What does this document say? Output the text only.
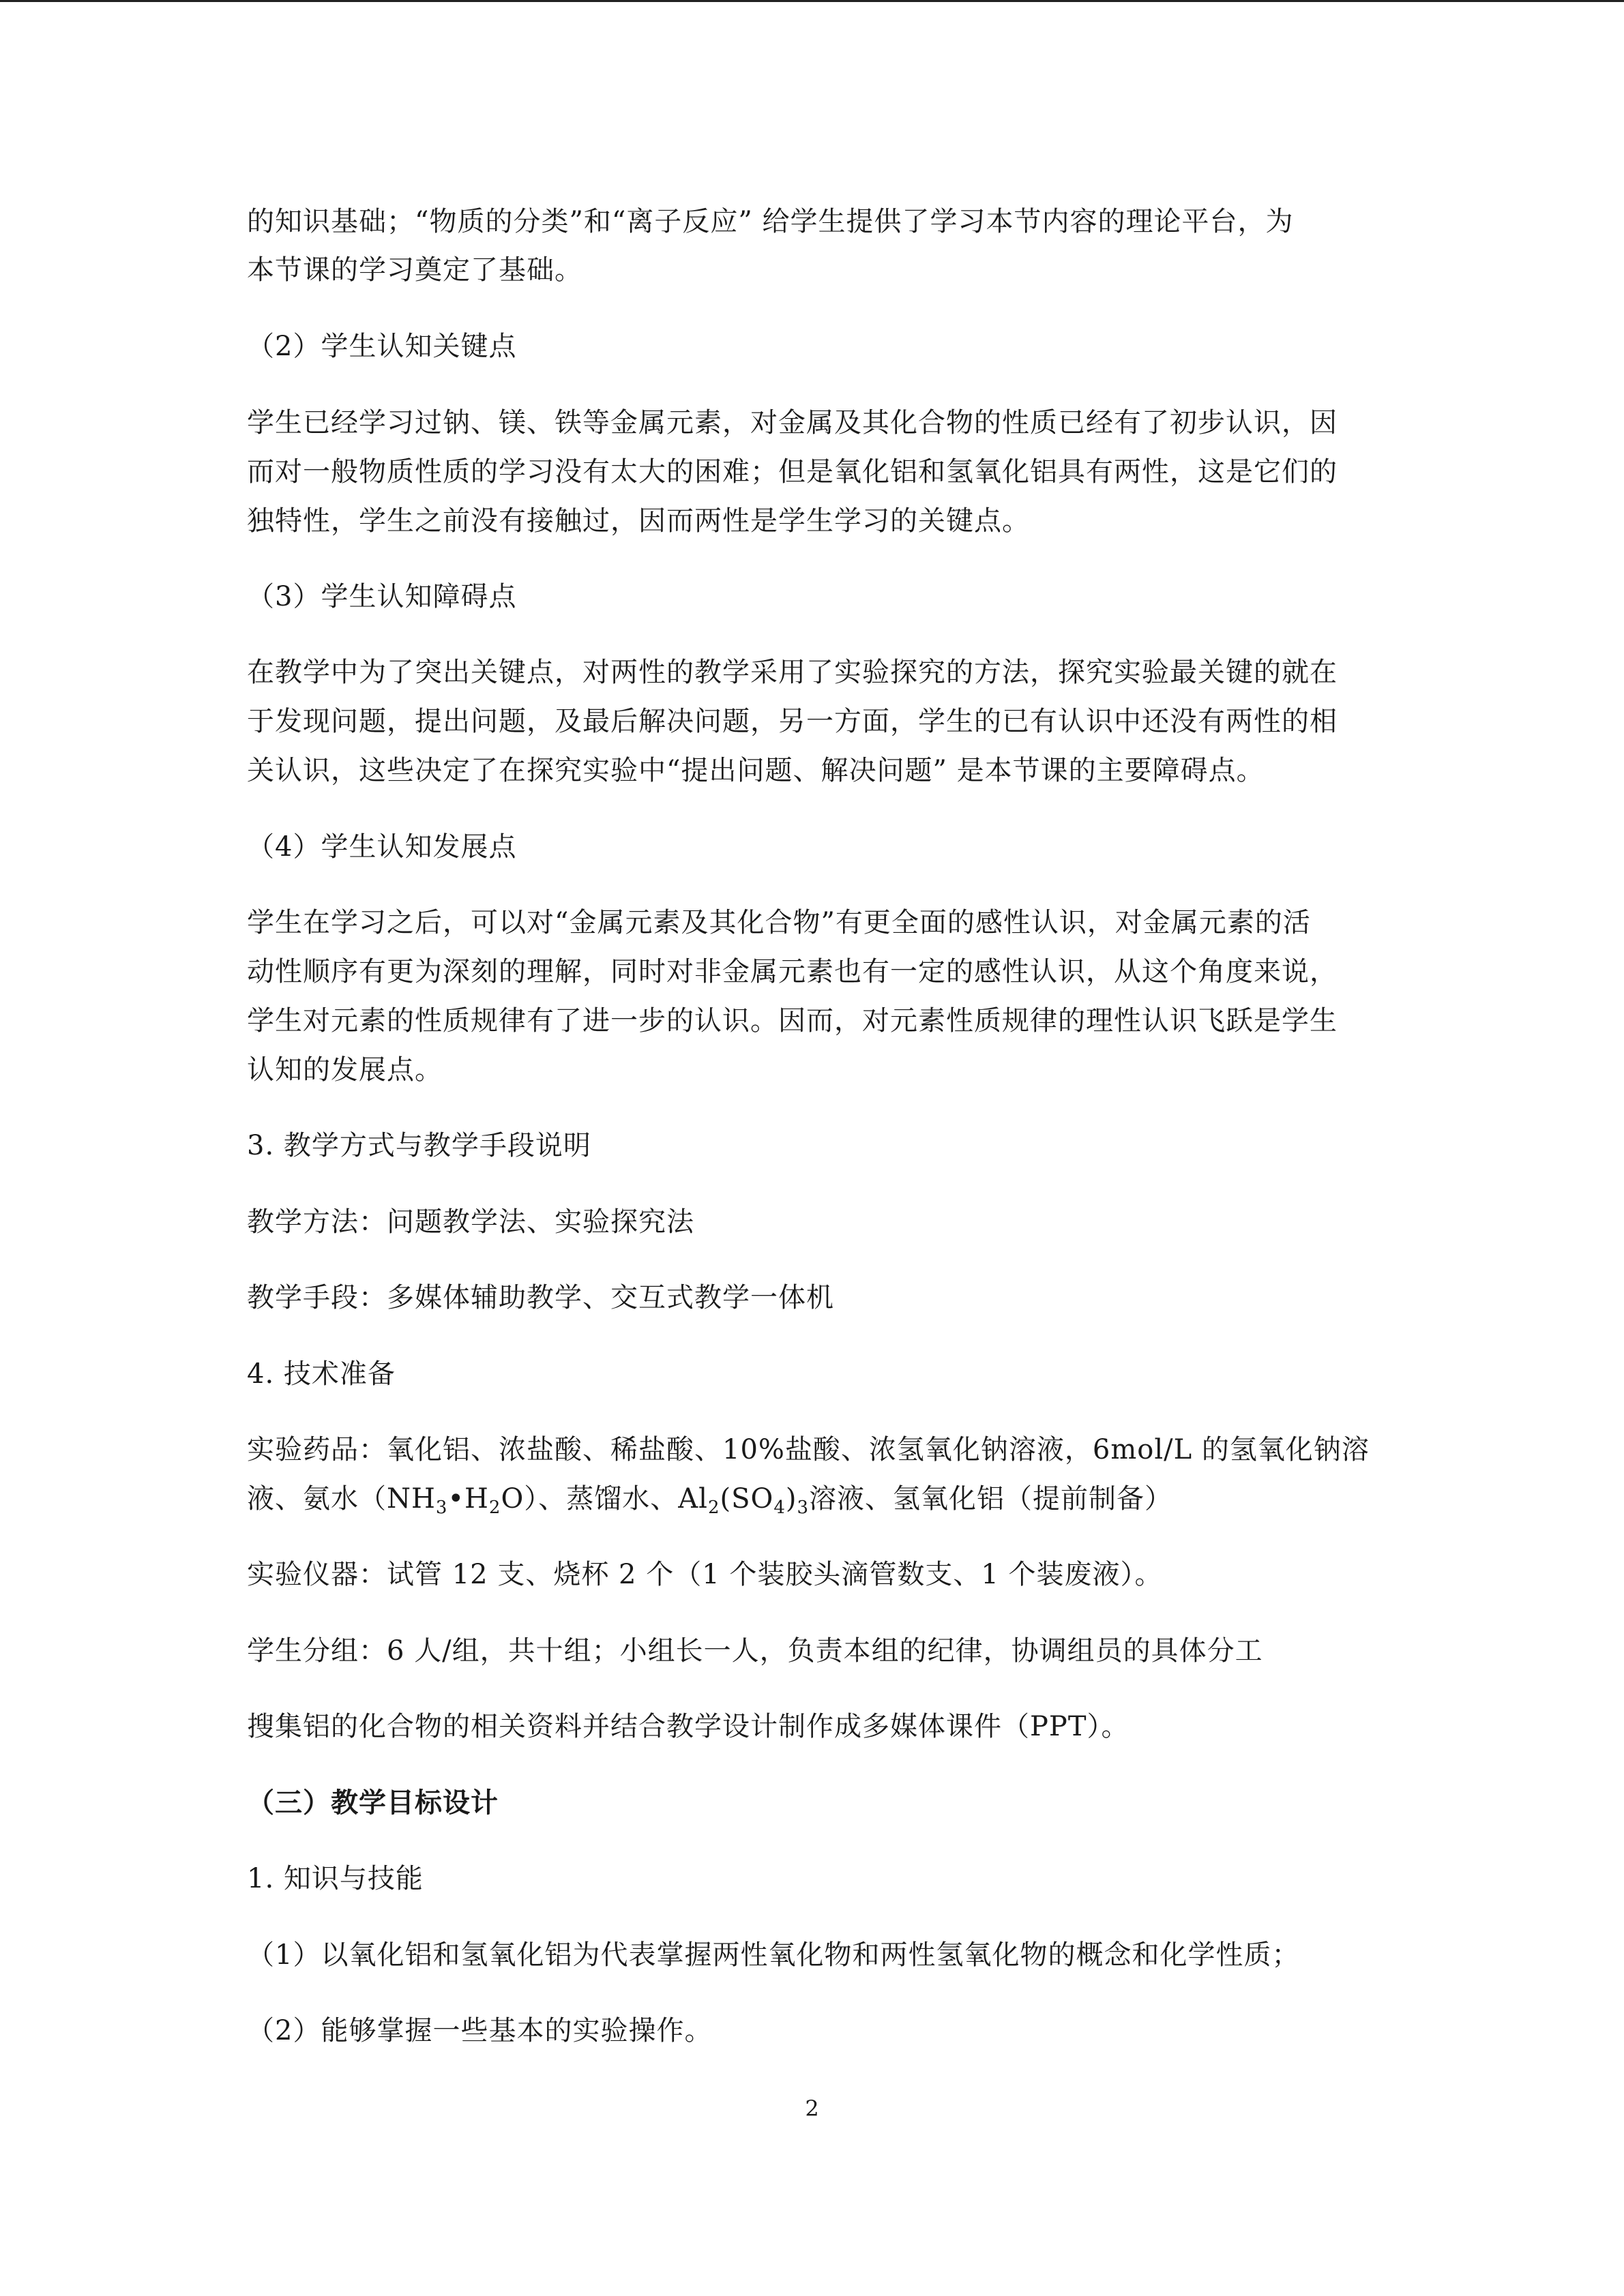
的知识基础；“物质的分类”和“离子反应” 给学生提供了学习本节内容的理论平台，为
本节课的学习奠定了基础。
（2）学生认知关键点
学生已经学习过钠、镁、铁等金属元素，对金属及其化合物的性质已经有了初步认识，因
而对一般物质性质的学习没有太大的困难；但是氧化铝和氢氧化铝具有两性，这是它们的
独特性，学生之前没有接触过，因而两性是学生学习的关键点。
（3）学生认知障碍点
在教学中为了突出关键点，对两性的教学采用了实验探究的方法，探究实验最关键的就在
于发现问题，提出问题，及最后解决问题，另一方面，学生的已有认识中还没有两性的相
关认识，这些决定了在探究实验中“提出问题、解决问题” 是本节课的主要障碍点。
（4）学生认知发展点
学生在学习之后，可以对“金属元素及其化合物”有更全面的感性认识，对金属元素的活
动性顺序有更为深刻的理解，同时对非金属元素也有一定的感性认识，从这个角度来说，
学生对元素的性质规律有了进一步的认识。因而，对元素性质规律的理性认识飞跃是学生
认知的发展点。
3. 教学方式与教学手段说明
教学方法：问题教学法、实验探究法
教学手段：多媒体辅助教学、交互式教学一体机
4. 技术准备
实验药品：氧化铝、浓盐酸、稀盐酸、10%盐酸、浓氢氧化钠溶液，6mol/L 的氢氧化钠溶
液、氨水$(NH_3•H_2O)$、蒸馏水、$Al_2(SO_4)_3$溶液、氢氧化铝（提前制备）
实验仪器：试管 12 支、烧杯 2 个（1 个装胶头滴管数支、1 个装废液）。
学生分组：6 人/组，共十组；小组长一人，负责本组的纪律，协调组员的具体分工
搜集铝的化合物的相关资料并结合教学设计制作成多媒体课件（PPT）。
（三）教学目标设计
1. 知识与技能
（1）以氧化铝和氢氧化铝为代表掌握两性氧化物和两性氢氧化物的概念和化学性质；
（2）能够掌握一些基本的实验操作。
2
